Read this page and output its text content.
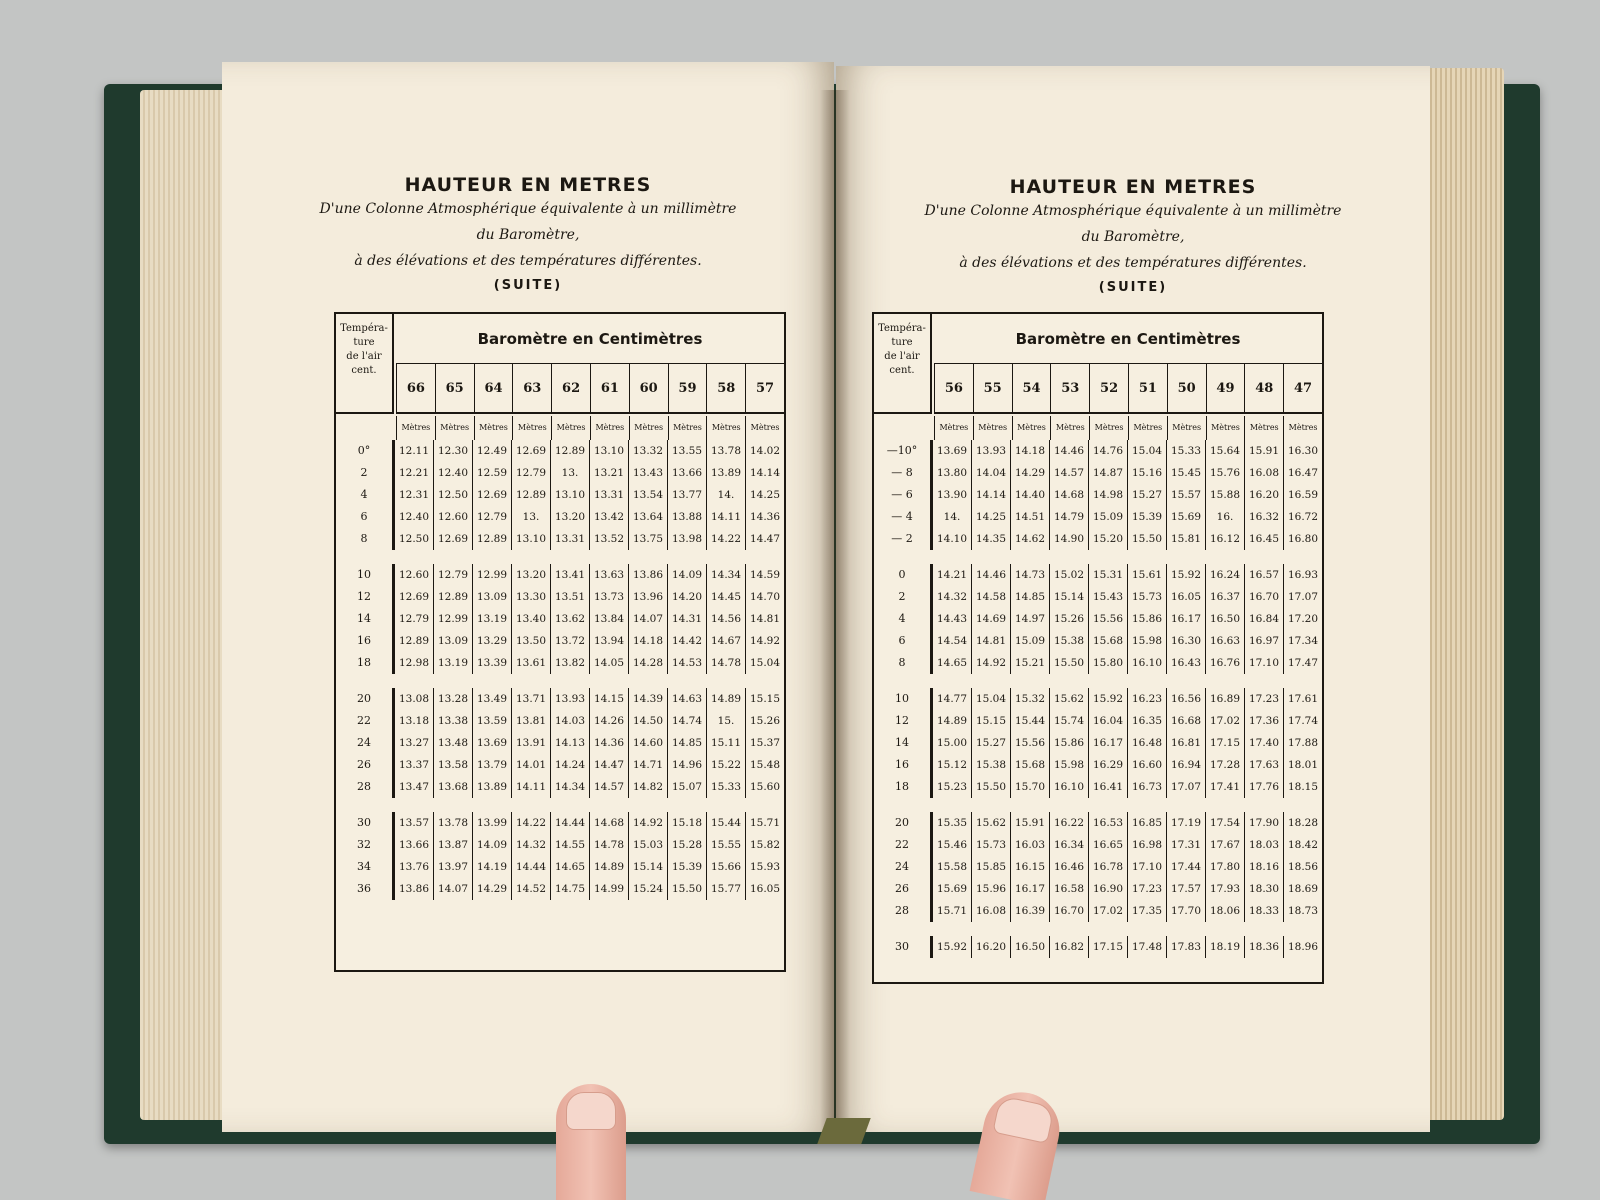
HAUTEUR EN METRES
D'une Colonne Atmosphérique équivalente à un millimètre
du Baromètre,
à des élévations et des températures différentes.
(SUITE)
Tempéra-
ture
de l'air
cent.
Baromètre en Centimètres
66	65	64	63	62	61	60	59	58	57
Mètres	Mètres	Mètres	Mètres	Mètres	Mètres	Mètres	Mètres	Mètres	Mètres
0°	12.11 12.30 12.49 12.69 12.89 13.10 13.32 13.55 13.78 14.02
2	12.21 12.40 12.59 12.79	13.	13.21 13.43 13.66 13.89 14.14
4	12.31 12.50 12.69 12.89 13.10 13.31 13.54 13.77	14.	14.25
6	12.40 12.60 12.79	13.	13.20 13.42 13.64 13.88 14.11 14.36
8	12.50 12.69 12.89 13.10 13.31 13.52 13.75 13.98 14.22 14.47
10	12.60 12.79 12.99 13.20 13.41 13.63 13.86 14.09 14.34 14.59
12	12.69 12.89 13.09 13.30 13.51 13.73 13.96 14.20 14.45 14.70
14	12.79 12.99 13.19 13.40 13.62 13.84 14.07 14.31 14.56 14.81
16	12.89 13.09 13.29 13.50 13.72 13.94 14.18 14.42 14.67 14.92
18	12.98 13.19 13.39 13.61 13.82 14.05 14.28 14.53 14.78 15.04
20	13.08 13.28 13.49 13.71 13.93 14.15 14.39 14.63 14.89 15.15
22	13.18 13.38 13.59 13.81 14.03 14.26 14.50 14.74	15.	15.26
24	13.27 13.48 13.69 13.91 14.13 14.36 14.60 14.85 15.11 15.37
26	13.37 13.58 13.79 14.01 14.24 14.47 14.71 14.96 15.22 15.48
28	13.47 13.68 13.89 14.11 14.34 14.57 14.82 15.07 15.33 15.60
30	13.57 13.78 13.99 14.22 14.44 14.68 14.92 15.18 15.44 15.71
32	13.66 13.87 14.09 14.32 14.55 14.78 15.03 15.28 15.55 15.82
34	13.76 13.97 14.19 14.44 14.65 14.89 15.14 15.39 15.66 15.93
36	13.86 14.07 14.29 14.52 14.75 14.99 15.24 15.50 15.77 16.05
HAUTEUR EN METRES
D'une Colonne Atmosphérique équivalente à un millimètre
du Baromètre,
à des élévations et des températures différentes.
(SUITE)
Tempéra-
ture
de l'air
cent.
Baromètre en Centimètres
56	55	54	53	52	51	50	49	48	47
Mètres	Mètres	Mètres	Mètres	Mètres	Mètres	Mètres	Mètres	Mètres	Mètres
—10°	13.69 13.93 14.18 14.46 14.76 15.04 15.33 15.64 15.91 16.30
— 8	13.80 14.04 14.29 14.57 14.87 15.16 15.45 15.76 16.08 16.47
— 6	13.90 14.14 14.40 14.68 14.98 15.27 15.57 15.88 16.20 16.59
— 4	14.	14.25 14.51 14.79 15.09 15.39 15.69	16.	16.32 16.72
— 2	14.10 14.35 14.62 14.90 15.20 15.50 15.81 16.12 16.45 16.80
0	14.21 14.46 14.73 15.02 15.31 15.61 15.92 16.24 16.57 16.93
2	14.32 14.58 14.85 15.14 15.43 15.73 16.05 16.37 16.70 17.07
4	14.43 14.69 14.97 15.26 15.56 15.86 16.17 16.50 16.84 17.20
6	14.54 14.81 15.09 15.38 15.68 15.98 16.30 16.63 16.97 17.34
8	14.65 14.92 15.21 15.50 15.80 16.10 16.43 16.76 17.10 17.47
10	14.77 15.04 15.32 15.62 15.92 16.23 16.56 16.89 17.23 17.61
12	14.89 15.15 15.44 15.74 16.04 16.35 16.68 17.02 17.36 17.74
14	15.00 15.27 15.56 15.86 16.17 16.48 16.81 17.15 17.40 17.88
16	15.12 15.38 15.68 15.98 16.29 16.60 16.94 17.28 17.63 18.01
18	15.23 15.50 15.70 16.10 16.41 16.73 17.07 17.41 17.76 18.15
20	15.35 15.62 15.91 16.22 16.53 16.85 17.19 17.54 17.90 18.28
22	15.46 15.73 16.03 16.34 16.65 16.98 17.31 17.67 18.03 18.42
24	15.58 15.85 16.15 16.46 16.78 17.10 17.44 17.80 18.16 18.56
26	15.69 15.96 16.17 16.58 16.90 17.23 17.57 17.93 18.30 18.69
28	15.71 16.08 16.39 16.70 17.02 17.35 17.70 18.06 18.33 18.73
30	15.92 16.20 16.50 16.82 17.15 17.48 17.83 18.19 18.36 18.96
